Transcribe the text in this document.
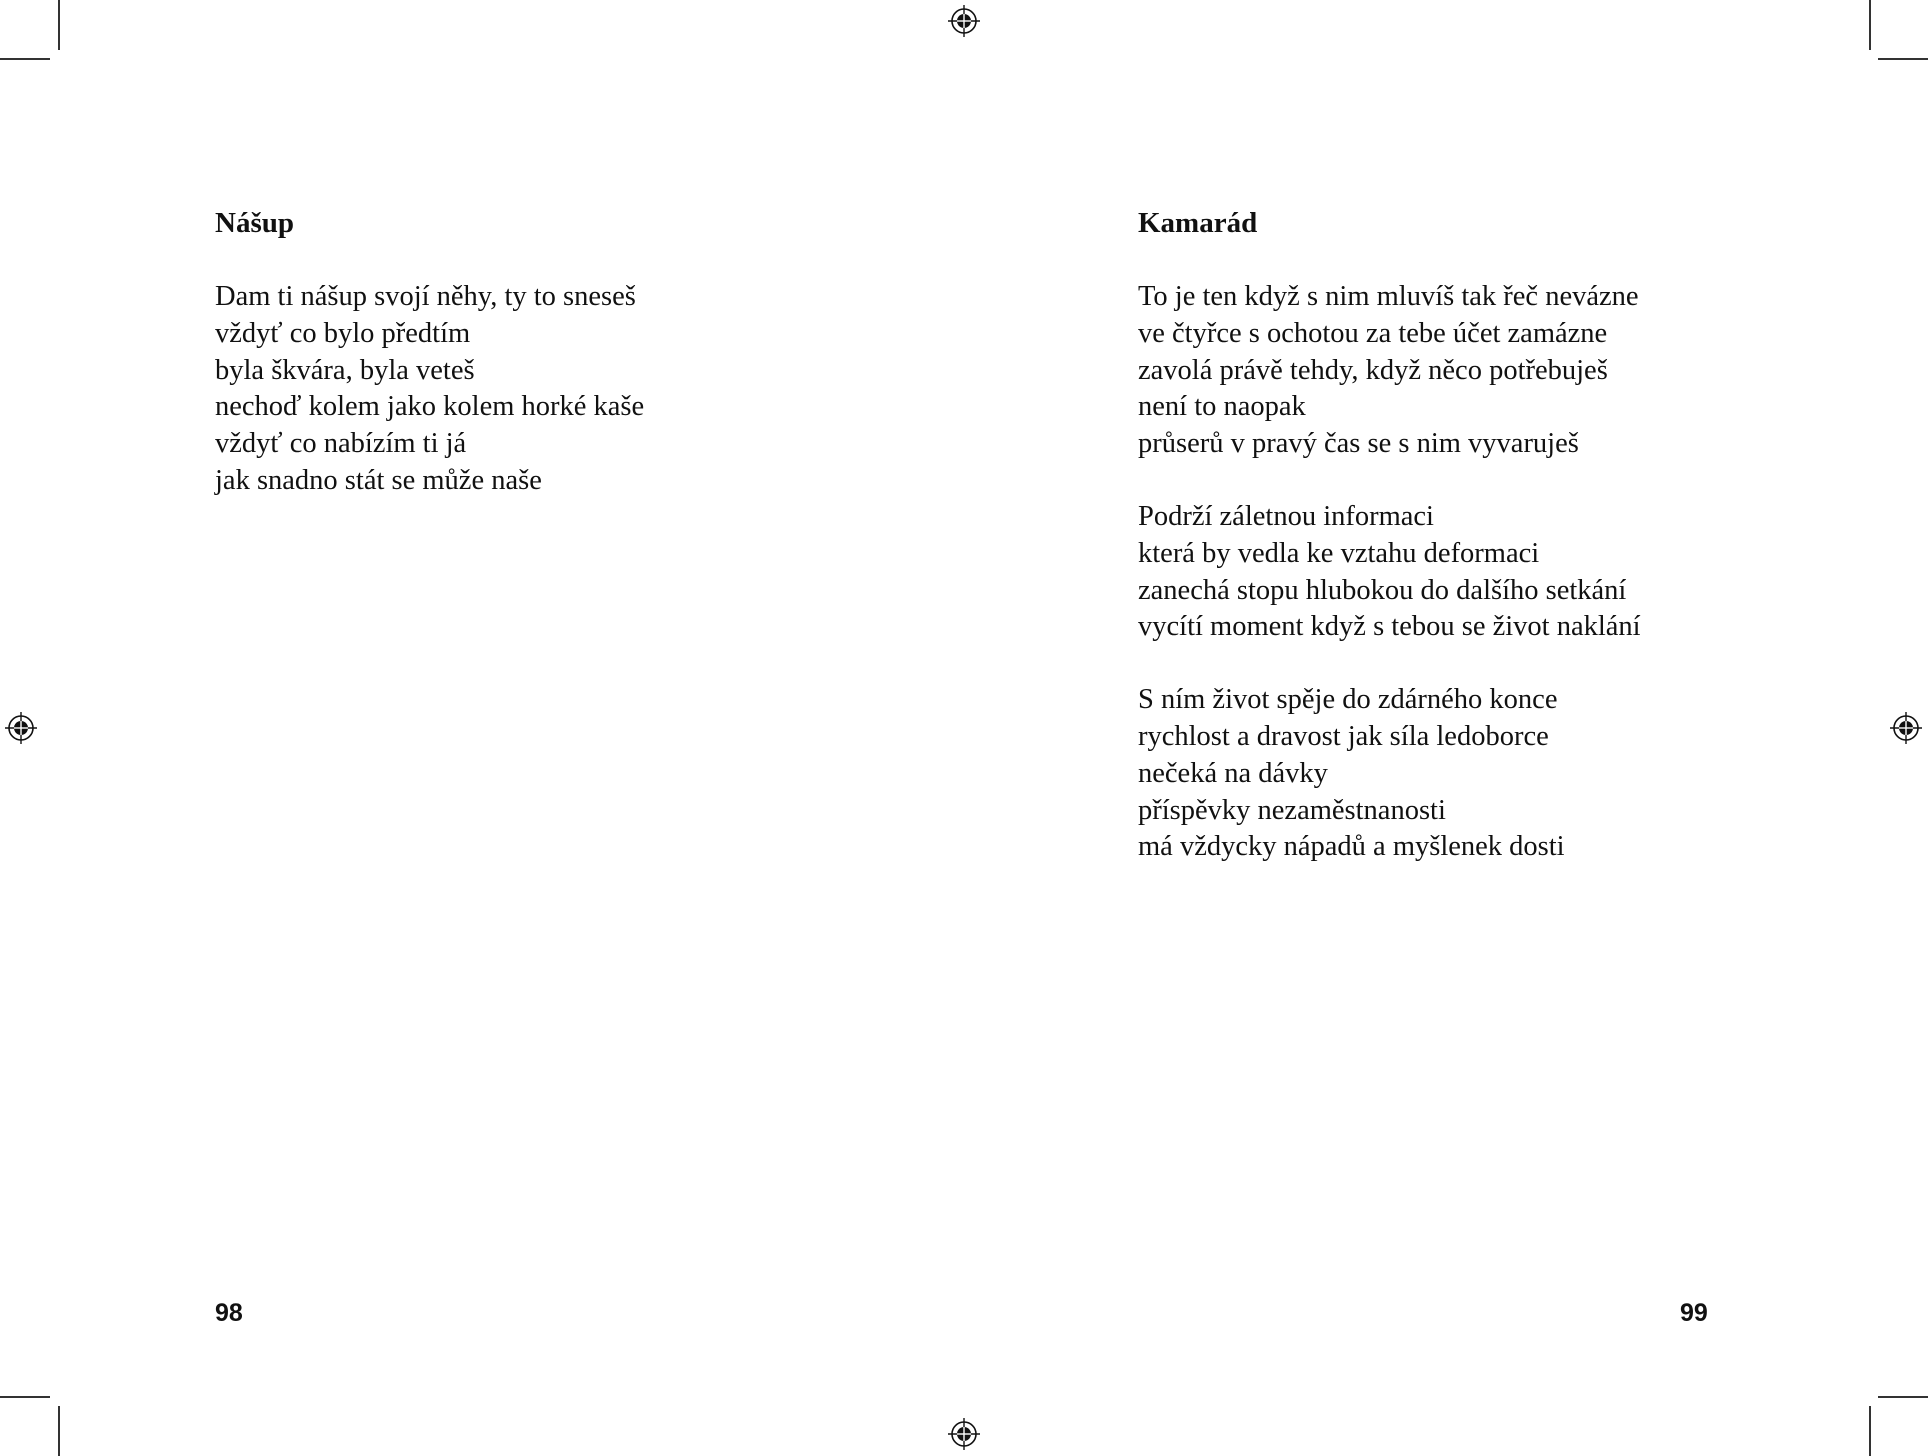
Nášup
Dam ti nášup svojí něhy, ty to sneseš
vždyť co bylo předtím
byla škvára, byla veteš
nechoď kolem jako kolem horké kaše
vždyť co nabízím ti já
jak snadno stát se může naše
98
Kamarád
To je ten když s nim mluvíš tak řeč nevázne
ve čtyřce s ochotou za tebe účet zamázne
zavolá právě tehdy, když něco potřebuješ
není to naopak
průserů v pravý čas se s nim vyvaruješ
Podrží záletnou informaci
která by vedla ke vztahu deformaci
zanechá stopu hlubokou do dalšího setkání
vycítí moment když s tebou se život naklání
S ním život spěje do zdárného konce
rychlost a dravost jak síla ledoborce
nečeká na dávky
příspěvky nezaměstnanosti
má vždycky nápadů a myšlenek dosti
99
